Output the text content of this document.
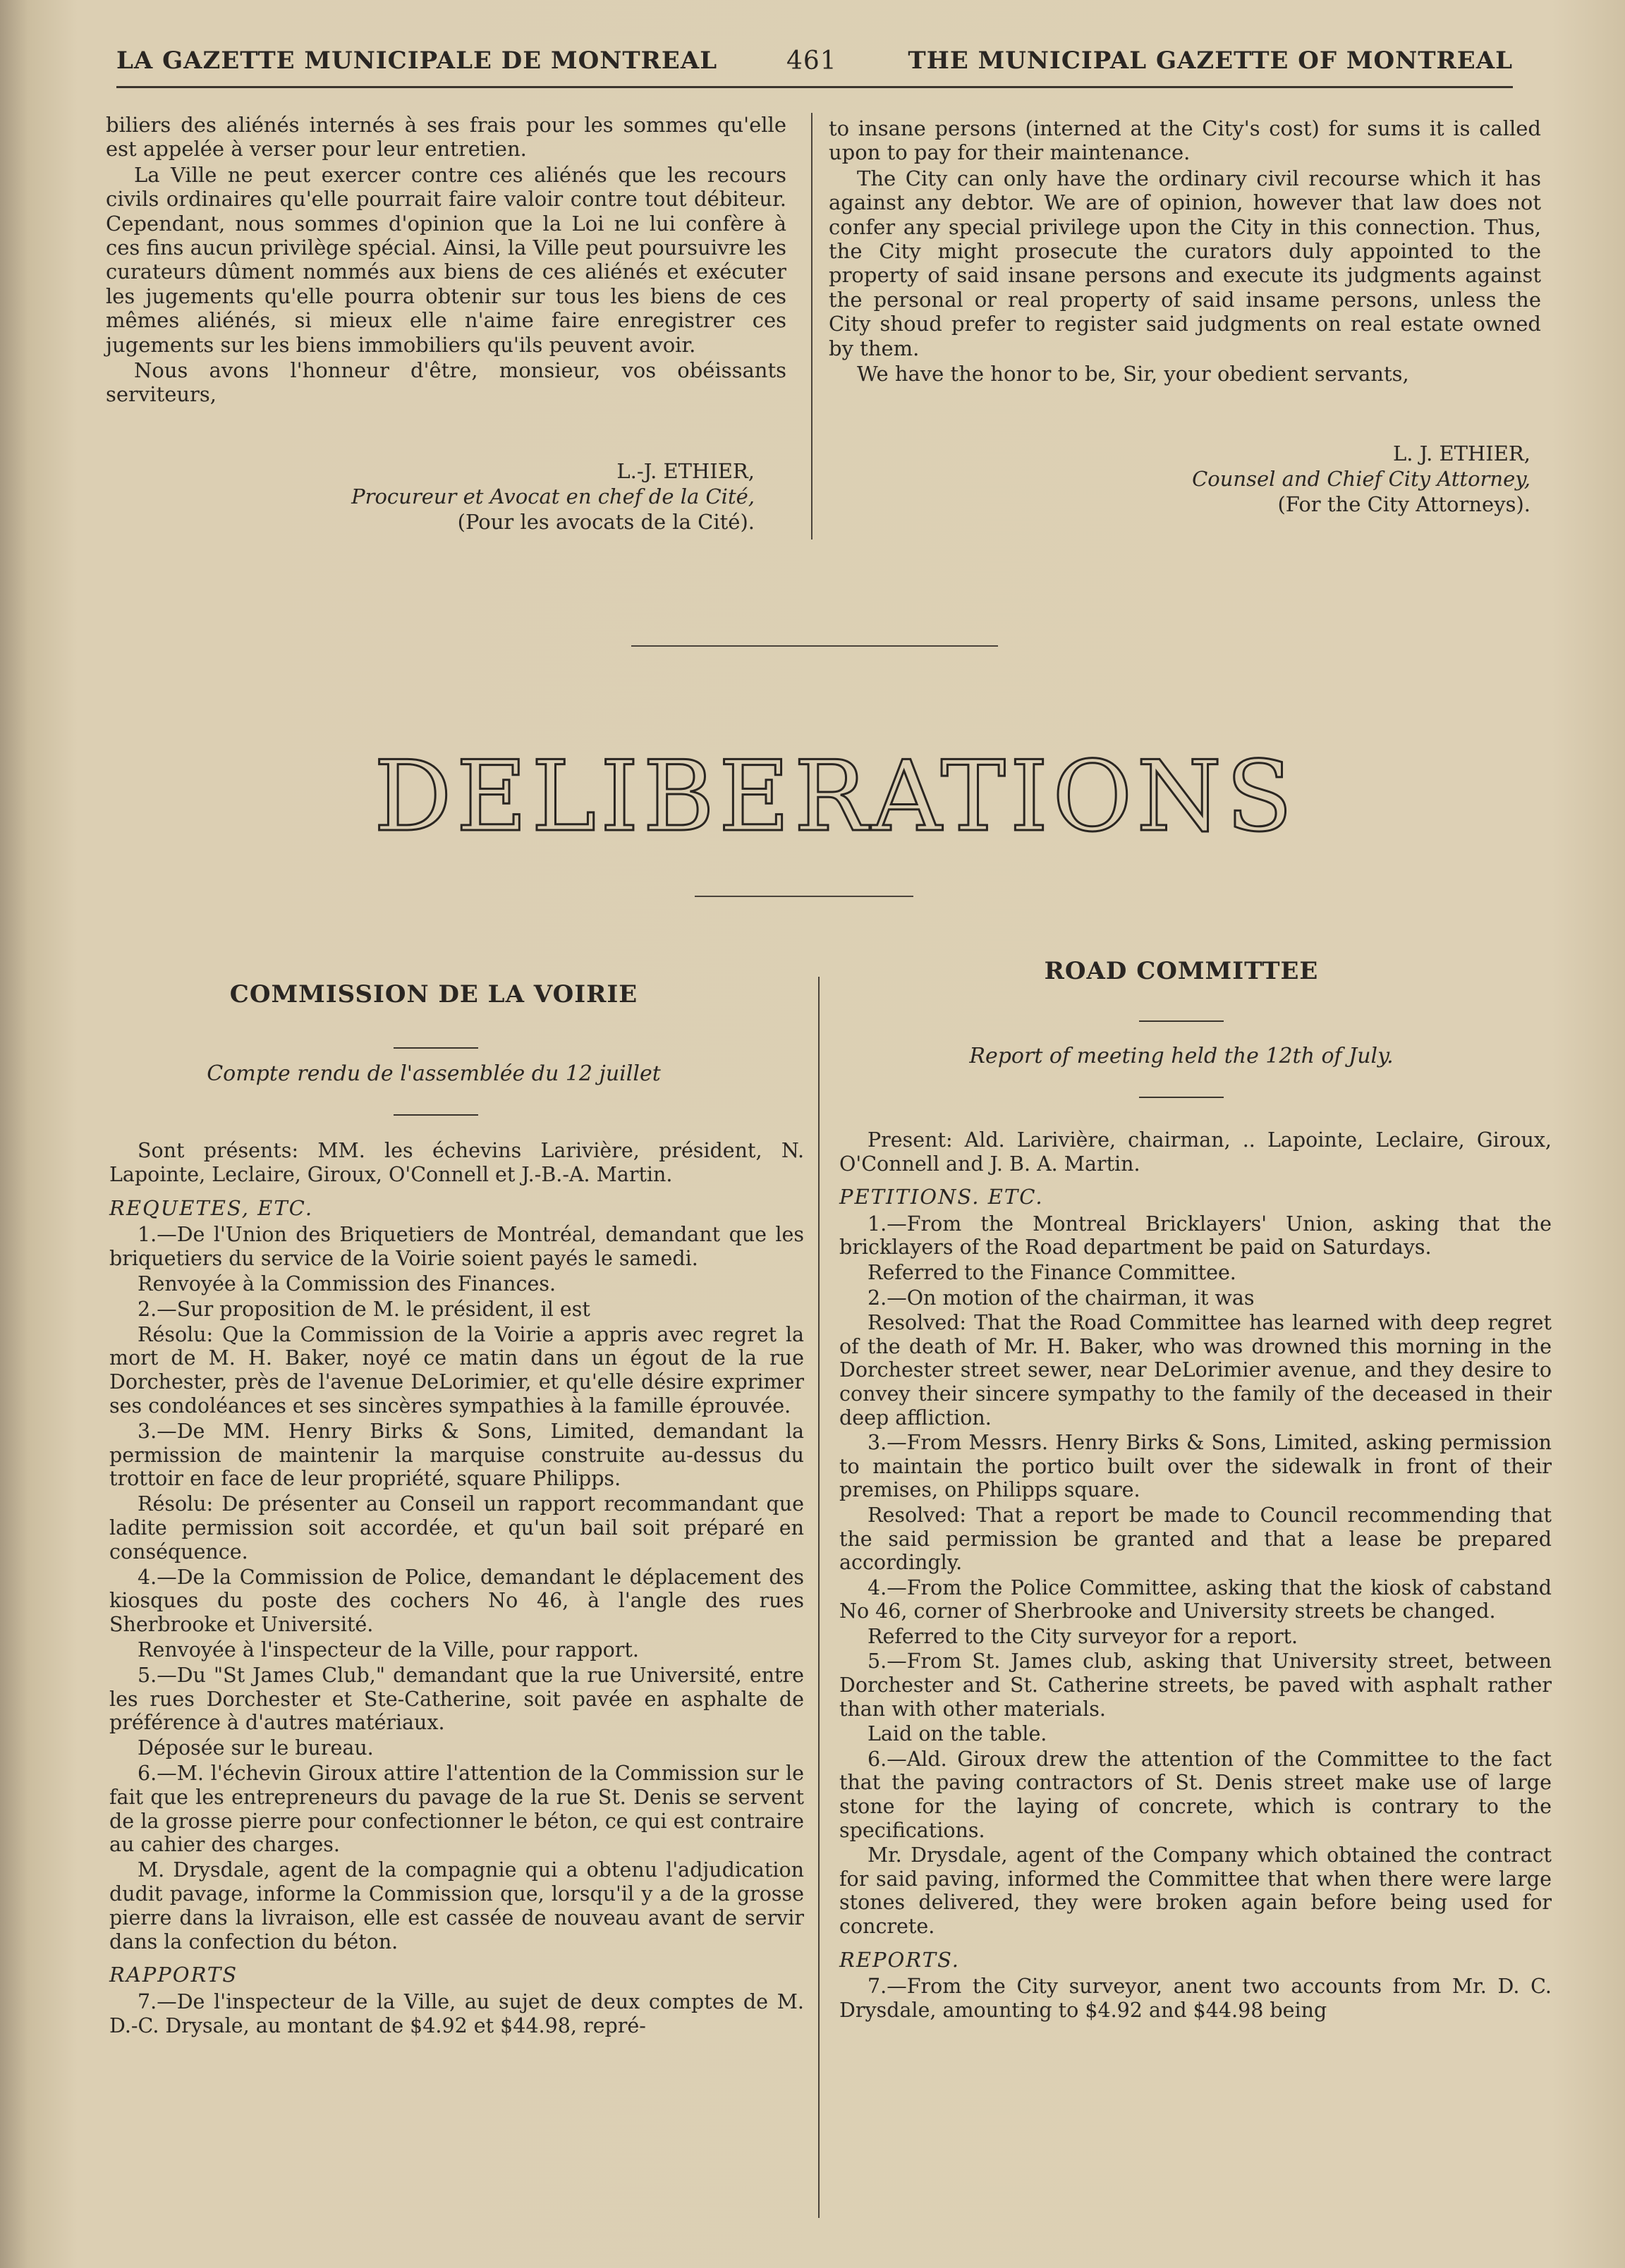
LA GAZETTE MUNICIPALE DE MONTREAL	461	THE MUNICIPAL GAZETTE OF MONTREAL

biliers des aliénés internés à ses frais pour les sommes qu'elle est appelée à verser pour leur entretien.

La Ville ne peut exercer contre ces aliénés que les recours civils ordinaires qu'elle pourrait faire valoir contre tout débiteur. Cependant, nous sommes d'opinion que la Loi ne lui confère à ces fins aucun privilège spécial. Ainsi, la Ville peut poursuivre les curateurs dûment nommés aux biens de ces aliénés et exécuter les jugements qu'elle pourra obtenir sur tous les biens de ces mêmes aliénés, si mieux elle n'aime faire enregistrer ces jugements sur les biens immobiliers qu'ils peuvent avoir.

Nous avons l'honneur d'être, monsieur, vos obéissants serviteurs,

L.-J. ETHIER,
Procureur et Avocat en chef de la Cité,
(Pour les avocats de la Cité).

to insane persons (interned at the City's cost) for sums it is called upon to pay for their maintenance.

The City can only have the ordinary civil recourse which it has against any debtor. We are of opinion, however that law does not confer any special privilege upon the City in this connection. Thus, the City might prosecute the curators duly appointed to the property of said insane persons and execute its judgments against the personal or real property of said insame persons, unless the City shoud prefer to register said judgments on real estate owned by them.

We have the honor to be, Sir, your obedient servants,

L. J. ETHIER,
Counsel and Chief City Attorney,
(For the City Attorneys).
DELIBERATIONS
COMMISSION DE LA VOIRIE
Compte rendu de l'assemblée du 12 juillet

Sont présents: MM. les échevins Larivière, président, N. Lapointe, Leclaire, Giroux, O'Connell et J.-B.-A. Martin.

REQUETES, ETC.

1.—De l'Union des Briquetiers de Montréal, demandant que les briquetiers du service de la Voirie soient payés le samedi.

Renvoyée à la Commission des Finances.

2.—Sur proposition de M. le président, il est

Résolu: Que la Commission de la Voirie a appris avec regret la mort de M. H. Baker, noyé ce matin dans un égout de la rue Dorchester, près de l'avenue DeLorimier, et qu'elle désire exprimer ses condoléances et ses sincères sympathies à la famille éprouvée.

3.—De MM. Henry Birks & Sons, Limited, demandant la permission de maintenir la marquise construite au-dessus du trottoir en face de leur propriété, square Philipps.

Résolu: De présenter au Conseil un rapport recommandant que ladite permission soit accordée, et qu'un bail soit préparé en conséquence.

4.—De la Commission de Police, demandant le déplacement des kiosques du poste des cochers No 46, à l'angle des rues Sherbrooke et Université.

Renvoyée à l'inspecteur de la Ville, pour rapport.

5.—Du "St James Club," demandant que la rue Université, entre les rues Dorchester et Ste-Catherine, soit pavée en asphalte de préférence à d'autres matériaux.

Déposée sur le bureau.

6.—M. l'échevin Giroux attire l'attention de la Commission sur le fait que les entrepreneurs du pavage de la rue St. Denis se servent de la grosse pierre pour confectionner le béton, ce qui est contraire au cahier des charges.

M. Drysdale, agent de la compagnie qui a obtenu l'adjudication dudit pavage, informe la Commission que, lorsqu'il y a de la grosse pierre dans la livraison, elle est cassée de nouveau avant de servir dans la confection du béton.

RAPPORTS

7.—De l'inspecteur de la Ville, au sujet de deux comptes de M. D.-C. Drysale, au montant de $4.92 et $44.98, repré-

ROAD COMMITTEE
Report of meeting held the 12th of July.

Present: Ald. Larivière, chairman, .. Lapointe, Leclaire, Giroux, O'Connell and J. B. A. Martin.

PETITIONS. ETC.

1.—From the Montreal Bricklayers' Union, asking that the bricklayers of the Road department be paid on Saturdays.

Referred to the Finance Committee.

2.—On motion of the chairman, it was

Resolved: That the Road Committee has learned with deep regret of the death of Mr. H. Baker, who was drowned this morning in the Dorchester street sewer, near DeLorimier avenue, and they desire to convey their sincere sympathy to the family of the deceased in their deep affliction.

3.—From Messrs. Henry Birks & Sons, Limited, asking permission to maintain the portico built over the sidewalk in front of their premises, on Philipps square.

Resolved: That a report be made to Council recommending that the said permission be granted and that a lease be prepared accordingly.

4.—From the Police Committee, asking that the kiosk of cabstand No 46, corner of Sherbrooke and University streets be changed.

Referred to the City surveyor for a report.

5.—From St. James club, asking that University street, between Dorchester and St. Catherine streets, be paved with asphalt rather than with other materials.

Laid on the table.

6.—Ald. Giroux drew the attention of the Committee to the fact that the paving contractors of St. Denis street make use of large stone for the laying of concrete, which is contrary to the specifications.

Mr. Drysdale, agent of the Company which obtained the contract for said paving, informed the Committee that when there were large stones delivered, they were broken again before being used for concrete.

REPORTS.

7.—From the City surveyor, anent two accounts from Mr. D. C. Drysdale, amounting to $4.92 and $44.98 being
